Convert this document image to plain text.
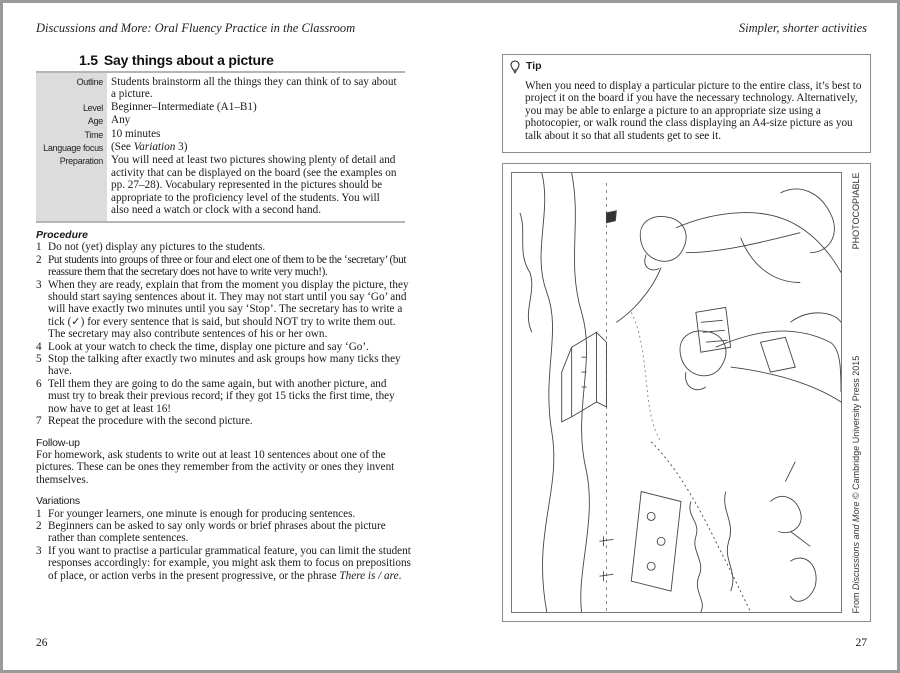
Discussions and More: Oral Fluency Practice in the Classroom
1.5 Say things about a picture
Outline	Students brainstorm all the things they can think of to say about a picture.
Level	Beginner–Intermediate (A1–B1)
Age	Any
Time	10 minutes
Language focus	(See Variation 3)
Preparation	You will need at least two pictures showing plenty of detail and activity that can be displayed on the board (see the examples on pp. 27–28). Vocabulary represented in the pictures should be appropriate to the proficiency level of the students. You will also need a watch or clock with a second hand.

Procedure

1 Do not (yet) display any pictures to the students.
2 Put students into groups of three or four and elect one of them to be the ‘secretary’ (but reassure them that the secretary does not have to write very much!).
3 When they are ready, explain that from the moment you display the picture, they should start saying sentences about it. They may not start until you say ‘Go’ and will have exactly two minutes until you say ‘Stop’. The secretary has to write a tick (✓) for every sentence that is said, but should NOT try to write them out. The secretary may also contribute sentences of his or her own.
4 Look at your watch to check the time, display one picture and say ‘Go’.
5 Stop the talking after exactly two minutes and ask groups how many ticks they have.
6 Tell them they are going to do the same again, but with another picture, and must try to break their previous record; if they got 15 ticks the first time, they now have to get at least 16!
7 Repeat the procedure with the second picture.

Follow-up

For homework, ask students to write out at least 10 sentences about one of the pictures. These can be ones they remember from the activity or ones they invent themselves.

Variations

1 For younger learners, one minute is enough for producing sentences.
2 Beginners can be asked to say only words or brief phrases about the picture rather than complete sentences.
3 If you want to practise a particular grammatical feature, you can limit the student responses accordingly: for example, you might ask them to focus on prepositions of place, or action verbs in the present progressive, or the phrase There is / are.
26
Simpler, shorter activities
Tip
When you need to display a particular picture to the entire class, it’s best to project it on the board if you have the necessary technology. Alternatively, you may be able to enlarge a picture to an appropriate size using a photocopier, or walk round the class displaying an A4-size picture as you talk about it so that all students get to see it.
From Discussions and More © Cambridge University Press 2015
PHOTOCOPIABLE
27
